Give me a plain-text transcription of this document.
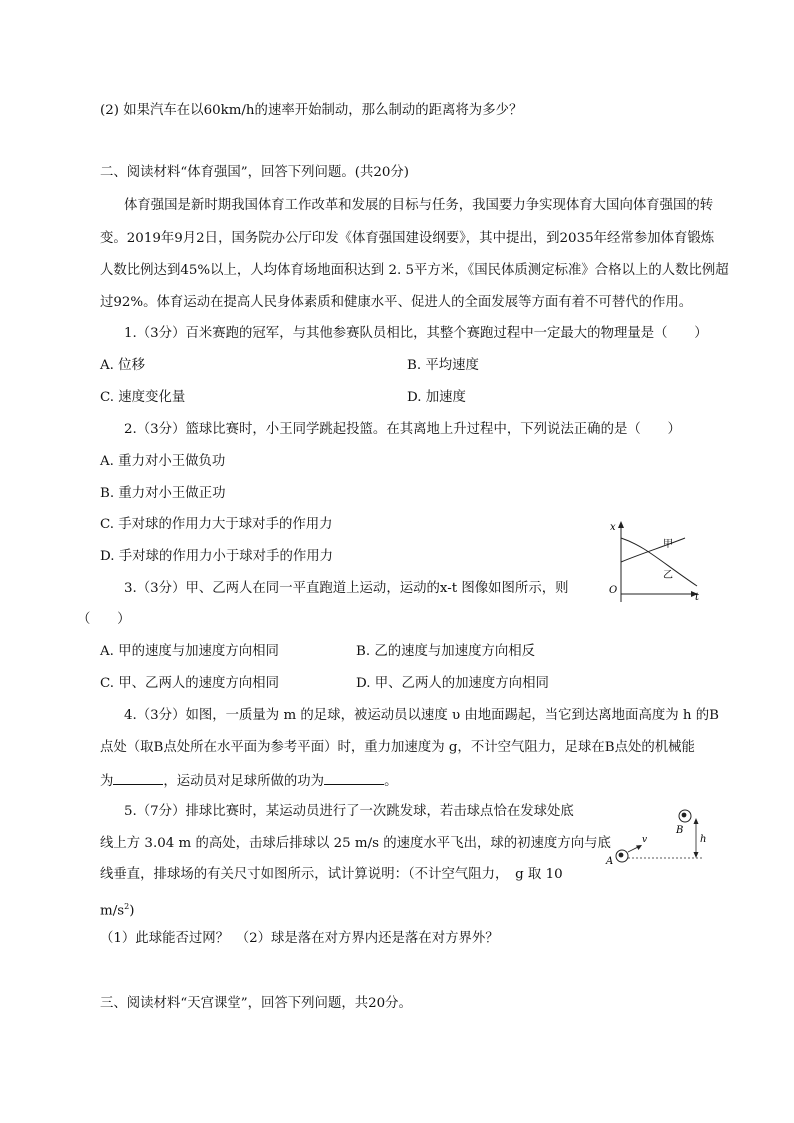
(2) 如果汽车在以60km/h的速率开始制动，那么制动的距离将为多少？
二、阅读材料“体育强国”，回答下列问题。(共20分)
体育强国是新时期我国体育工作改革和发展的目标与任务，我国要力争实现体育大国向体育强国的转
变。2019年9月2日，国务院办公厅印发《体育强国建设纲要》，其中提出，到2035年经常参加体育锻炼
人数比例达到45%以上，人均体育场地面积达到 2. 5平方米，《国民体质测定标准》合格以上的人数比例超
过92%。体育运动在提高人民身体素质和健康水平、促进人的全面发展等方面有着不可替代的作用。
1.（3分）百米赛跑的冠军，与其他参赛队员相比，其整个赛跑过程中一定最大的物理量是（　　）
A. 位移	B. 平均速度
C. 速度变化量	D. 加速度
2.（3分）篮球比赛时，小王同学跳起投篮。在其离地上升过程中，下列说法正确的是（　　）
A. 重力对小王做负功
B. 重力对小王做正功
C. 手对球的作用力大于球对手的作用力
D. 手对球的作用力小于球对手的作用力
x
t
O
甲
乙
3.（3分）甲、乙两人在同一平直跑道上运动，运动的x-t 图像如图所示，则
（　　）
A. 甲的速度与加速度方向相同	B. 乙的速度与加速度方向相反
C. 甲、乙两人的速度方向相同	D. 甲、乙两人的加速度方向相同
4.（3分）如图，一质量为 m 的足球，被运动员以速度 υ 由地面踢起，当它到达离地面高度为 h 的B
点处（取B点处所在水平面为参考平面）时，重力加速度为 g，不计空气阻力，足球在B点处的机械能
为	，运动员对足球所做的功为	。
B
h
A
v
5.（7分）排球比赛时，某运动员进行了一次跳发球，若击球点恰在发球处底
线上方 3.04 m 的高处，击球后排球以 25 m/s 的速度水平飞出，球的初速度方向与底
线垂直，排球场的有关尺寸如图所示，试计算说明：（不计空气阻力，　g 取 10
$m/s^2$)
（1）此球能否过网？　（2）球是落在对方界内还是落在对方界外？
三、阅读材料“天宫课堂”，回答下列问题，共20分。
